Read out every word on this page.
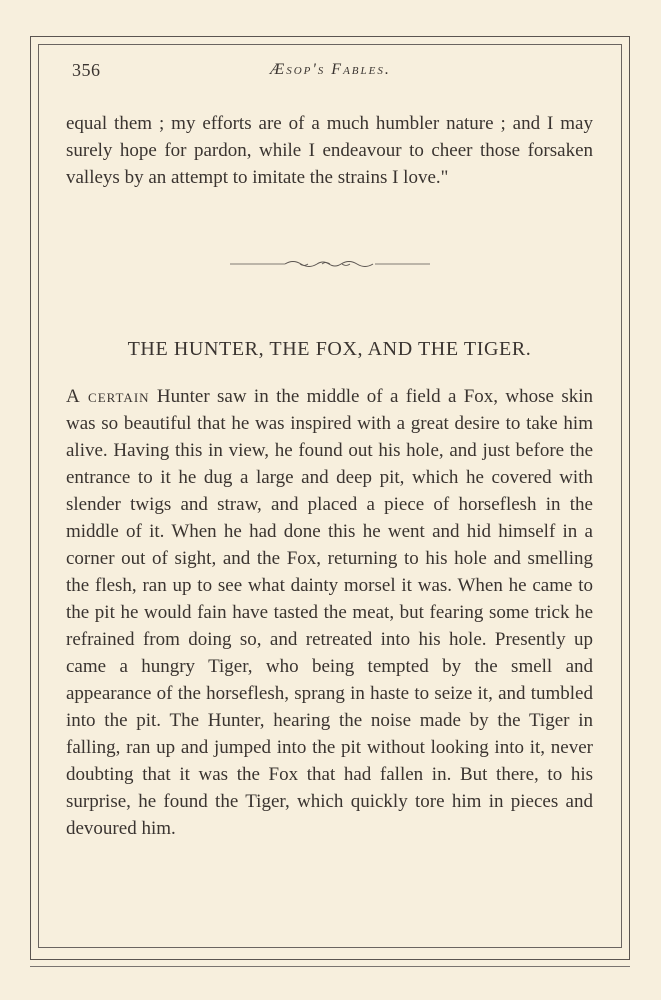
356	Æsop's Fables.

equal them ; my efforts are of a much humbler nature ; and I may surely hope for pardon, while I endeavour to cheer those forsaken valleys by an attempt to imitate the strains I love."

THE HUNTER, THE FOX, AND THE TIGER.

A certain Hunter saw in the middle of a field a Fox, whose skin was so beautiful that he was inspired with a great desire to take him alive. Having this in view, he found out his hole, and just before the entrance to it he dug a large and deep pit, which he covered with slender twigs and straw, and placed a piece of horseflesh in the middle of it. When he had done this he went and hid himself in a corner out of sight, and the Fox, returning to his hole and smelling the flesh, ran up to see what dainty morsel it was. When he came to the pit he would fain have tasted the meat, but fearing some trick he refrained from doing so, and retreated into his hole. Presently up came a hungry Tiger, who being tempted by the smell and appearance of the horseflesh, sprang in haste to seize it, and tumbled into the pit. The Hunter, hearing the noise made by the Tiger in falling, ran up and jumped into the pit without looking into it, never doubting that it was the Fox that had fallen in. But there, to his surprise, he found the Tiger, which quickly tore him in pieces and devoured him.
